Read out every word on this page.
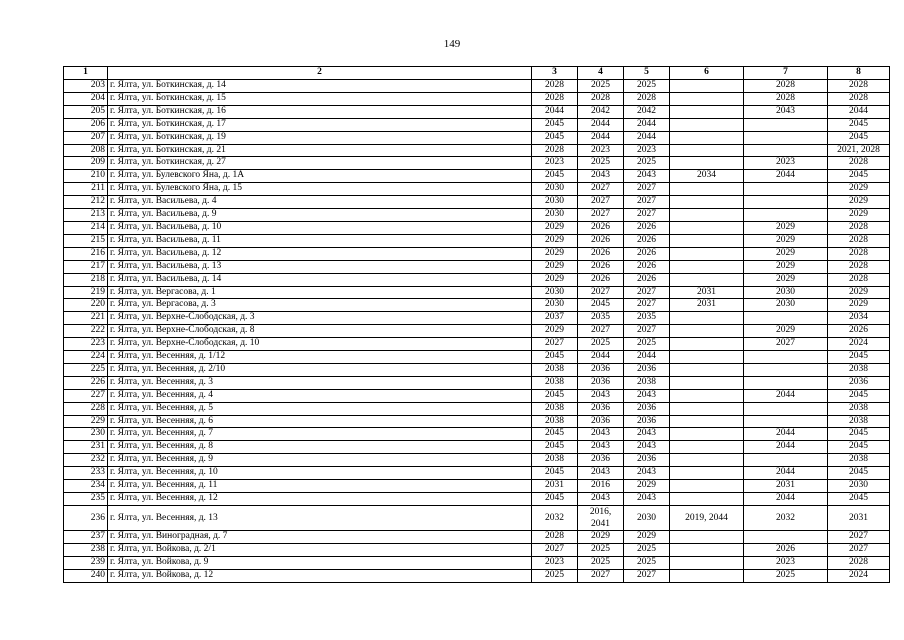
149
1	2	3	4	5	6	7	8
203	г. Ялта, ул. Боткинская, д. 14	2028	2025	2025		2028	2028
204	г. Ялта, ул. Боткинская, д. 15	2028	2028	2028		2028	2028
205	г. Ялта, ул. Боткинская, д. 16	2044	2042	2042		2043	2044
206	г. Ялта, ул. Боткинская, д. 17	2045	2044	2044			2045
207	г. Ялта, ул. Боткинская, д. 19	2045	2044	2044			2045
208	г. Ялта, ул. Боткинская, д. 21	2028	2023	2023			2021, 2028
209	г. Ялта, ул. Боткинская, д. 27	2023	2025	2025		2023	2028
210	г. Ялта, ул. Булевского Яна, д. 1А	2045	2043	2043	2034	2044	2045
211	г. Ялта, ул. Булевского Яна, д. 15	2030	2027	2027			2029
212	г. Ялта, ул. Васильева, д. 4	2030	2027	2027			2029
213	г. Ялта, ул. Васильева, д. 9	2030	2027	2027			2029
214	г. Ялта, ул. Васильева, д. 10	2029	2026	2026		2029	2028
215	г. Ялта, ул. Васильева, д. 11	2029	2026	2026		2029	2028
216	г. Ялта, ул. Васильева, д. 12	2029	2026	2026		2029	2028
217	г. Ялта, ул. Васильева, д. 13	2029	2026	2026		2029	2028
218	г. Ялта, ул. Васильева, д. 14	2029	2026	2026		2029	2028
219	г. Ялта, ул. Вергасова, д. 1	2030	2027	2027	2031	2030	2029
220	г. Ялта, ул. Вергасова, д. 3	2030	2045	2027	2031	2030	2029
221	г. Ялта, ул. Верхне-Слободская, д. 3	2037	2035	2035			2034
222	г. Ялта, ул. Верхне-Слободская, д. 8	2029	2027	2027		2029	2026
223	г. Ялта, ул. Верхне-Слободская, д. 10	2027	2025	2025		2027	2024
224	г. Ялта, ул. Весенняя, д. 1/12	2045	2044	2044			2045
225	г. Ялта, ул. Весенняя, д. 2/10	2038	2036	2036			2038
226	г. Ялта, ул. Весенняя, д. 3	2038	2036	2038			2036
227	г. Ялта, ул. Весенняя, д. 4	2045	2043	2043		2044	2045
228	г. Ялта, ул. Весенняя, д. 5	2038	2036	2036			2038
229	г. Ялта, ул. Весенняя, д. 6	2038	2036	2036			2038
230	г. Ялта, ул. Весенняя, д. 7	2045	2043	2043		2044	2045
231	г. Ялта, ул. Весенняя, д. 8	2045	2043	2043		2044	2045
232	г. Ялта, ул. Весенняя, д. 9	2038	2036	2036			2038
233	г. Ялта, ул. Весенняя, д. 10	2045	2043	2043		2044	2045
234	г. Ялта, ул. Весенняя, д. 11	2031	2016	2029		2031	2030
235	г. Ялта, ул. Весенняя, д. 12	2045	2043	2043		2044	2045
236	г. Ялта, ул. Весенняя, д. 13	2032	2016,
2041	2030	2019, 2044	2032	2031
237	г. Ялта, ул. Виноградная, д. 7	2028	2029	2029			2027
238	г. Ялта, ул. Войкова, д. 2/1	2027	2025	2025		2026	2027
239	г. Ялта, ул. Войкова, д. 9	2023	2025	2025		2023	2028
240	г. Ялта, ул. Войкова, д. 12	2025	2027	2027		2025	2024
